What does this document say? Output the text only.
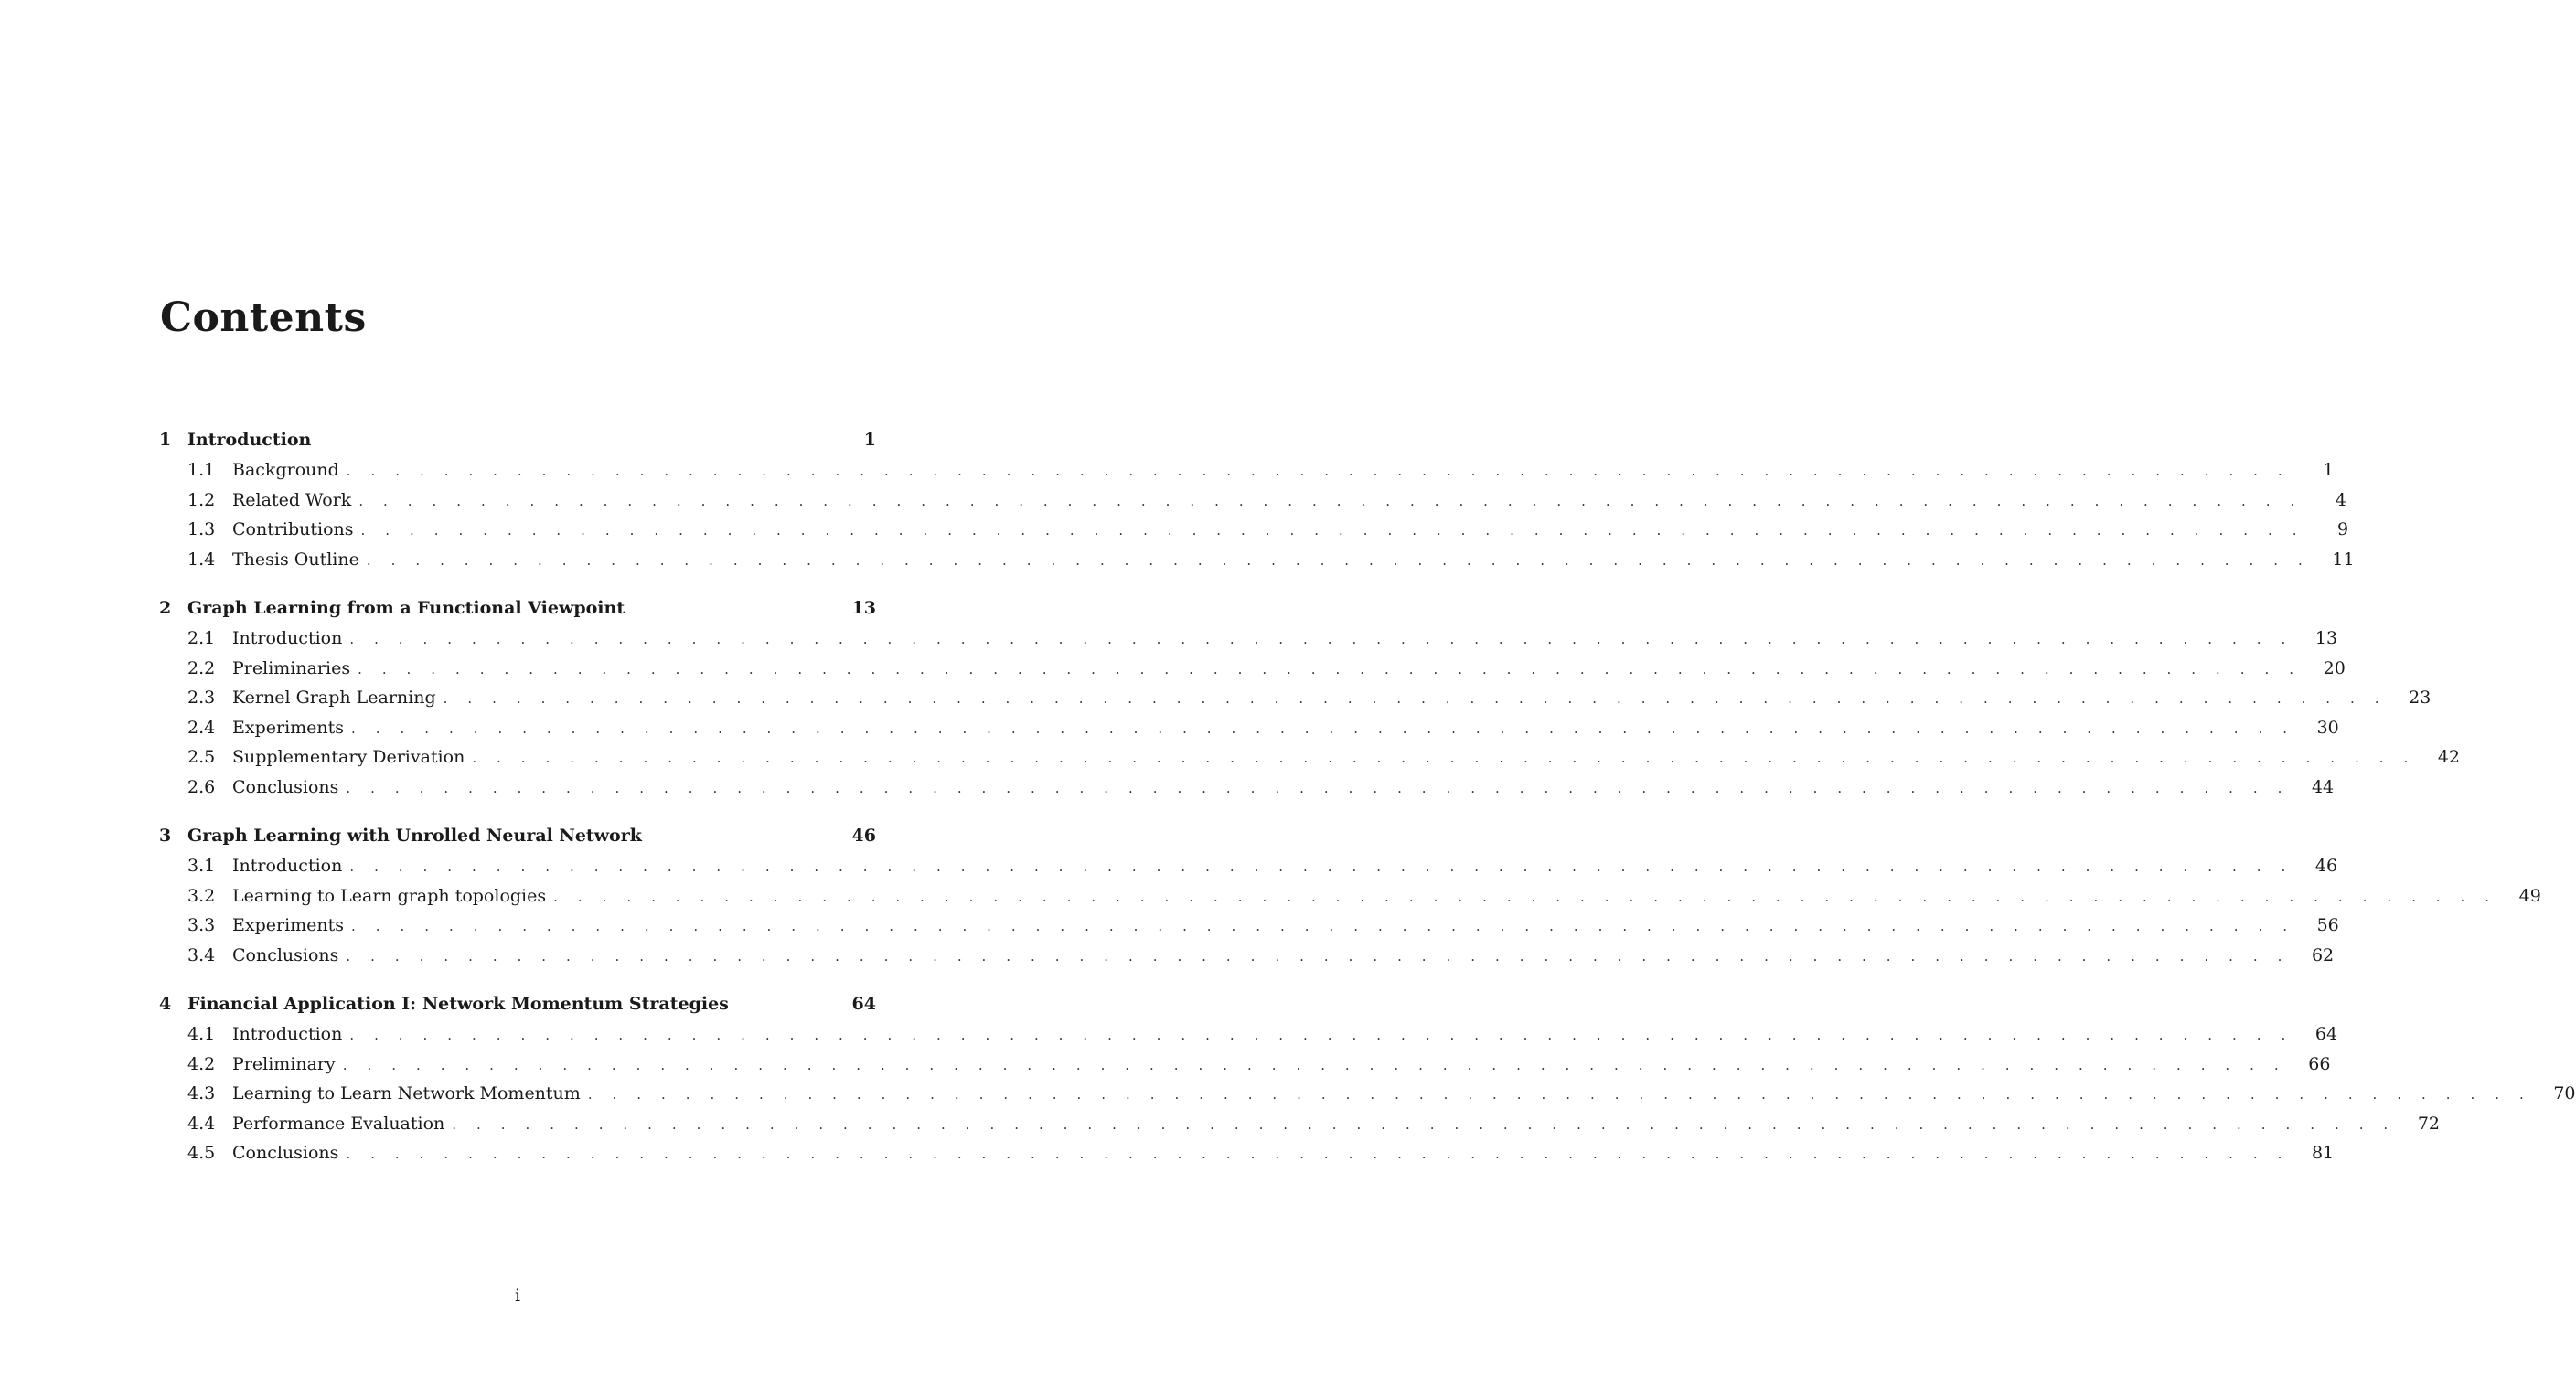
Contents
1 Introduction	1
1.1 Background . . . . . . . . . . . . . . . . . . . . . . . . . . . . . . . . . . . . . . . . . . . . . . . . . . . . . . . . . . . . . . . . . . . . . . . . . . . . . . . .	1
1.2 Related Work . . . . . . . . . . . . . . . . . . . . . . . . . . . . . . . . . . . . . . . . . . . . . . . . . . . . . . . . . . . . . . . . . . . . . . . . . . . . . . . .	4
1.3 Contributions . . . . . . . . . . . . . . . . . . . . . . . . . . . . . . . . . . . . . . . . . . . . . . . . . . . . . . . . . . . . . . . . . . . . . . . . . . . . . . . .	9
1.4 Thesis Outline . . . . . . . . . . . . . . . . . . . . . . . . . . . . . . . . . . . . . . . . . . . . . . . . . . . . . . . . . . . . . . . . . . . . . . . . . . . . . . . .	11
2 Graph Learning from a Functional Viewpoint	13
2.1 Introduction . . . . . . . . . . . . . . . . . . . . . . . . . . . . . . . . . . . . . . . . . . . . . . . . . . . . . . . . . . . . . . . . . . . . . . . . . . . . . . . .	13
2.2 Preliminaries . . . . . . . . . . . . . . . . . . . . . . . . . . . . . . . . . . . . . . . . . . . . . . . . . . . . . . . . . . . . . . . . . . . . . . . . . . . . . . . .	20
2.3 Kernel Graph Learning . . . . . . . . . . . . . . . . . . . . . . . . . . . . . . . . . . . . . . . . . . . . . . . . . . . . . . . . . . . . . . . . . . . . . . . . . . . . . . . .	23
2.4 Experiments . . . . . . . . . . . . . . . . . . . . . . . . . . . . . . . . . . . . . . . . . . . . . . . . . . . . . . . . . . . . . . . . . . . . . . . . . . . . . . . .	30
2.5 Supplementary Derivation . . . . . . . . . . . . . . . . . . . . . . . . . . . . . . . . . . . . . . . . . . . . . . . . . . . . . . . . . . . . . . . . . . . . . . . . . . . . . . . .	42
2.6 Conclusions . . . . . . . . . . . . . . . . . . . . . . . . . . . . . . . . . . . . . . . . . . . . . . . . . . . . . . . . . . . . . . . . . . . . . . . . . . . . . . . .	44
3 Graph Learning with Unrolled Neural Network	46
3.1 Introduction . . . . . . . . . . . . . . . . . . . . . . . . . . . . . . . . . . . . . . . . . . . . . . . . . . . . . . . . . . . . . . . . . . . . . . . . . . . . . . . .	46
3.2 Learning to Learn graph topologies . . . . . . . . . . . . . . . . . . . . . . . . . . . . . . . . . . . . . . . . . . . . . . . . . . . . . . . . . . . . . . . . . . . . . . . . . . . . . . . .	49
3.3 Experiments . . . . . . . . . . . . . . . . . . . . . . . . . . . . . . . . . . . . . . . . . . . . . . . . . . . . . . . . . . . . . . . . . . . . . . . . . . . . . . . .	56
3.4 Conclusions . . . . . . . . . . . . . . . . . . . . . . . . . . . . . . . . . . . . . . . . . . . . . . . . . . . . . . . . . . . . . . . . . . . . . . . . . . . . . . . .	62
4 Financial Application I: Network Momentum Strategies	64
4.1 Introduction . . . . . . . . . . . . . . . . . . . . . . . . . . . . . . . . . . . . . . . . . . . . . . . . . . . . . . . . . . . . . . . . . . . . . . . . . . . . . . . .	64
4.2 Preliminary . . . . . . . . . . . . . . . . . . . . . . . . . . . . . . . . . . . . . . . . . . . . . . . . . . . . . . . . . . . . . . . . . . . . . . . . . . . . . . . .	66
4.3 Learning to Learn Network Momentum . . . . . . . . . . . . . . . . . . . . . . . . . . . . . . . . . . . . . . . . . . . . . . . . . . . . . . . . . . . . . . . . . . . . . . . . . . . . . . . .	70
4.4 Performance Evaluation . . . . . . . . . . . . . . . . . . . . . . . . . . . . . . . . . . . . . . . . . . . . . . . . . . . . . . . . . . . . . . . . . . . . . . . . . . . . . . . .	72
4.5 Conclusions . . . . . . . . . . . . . . . . . . . . . . . . . . . . . . . . . . . . . . . . . . . . . . . . . . . . . . . . . . . . . . . . . . . . . . . . . . . . . . . .	81
i
